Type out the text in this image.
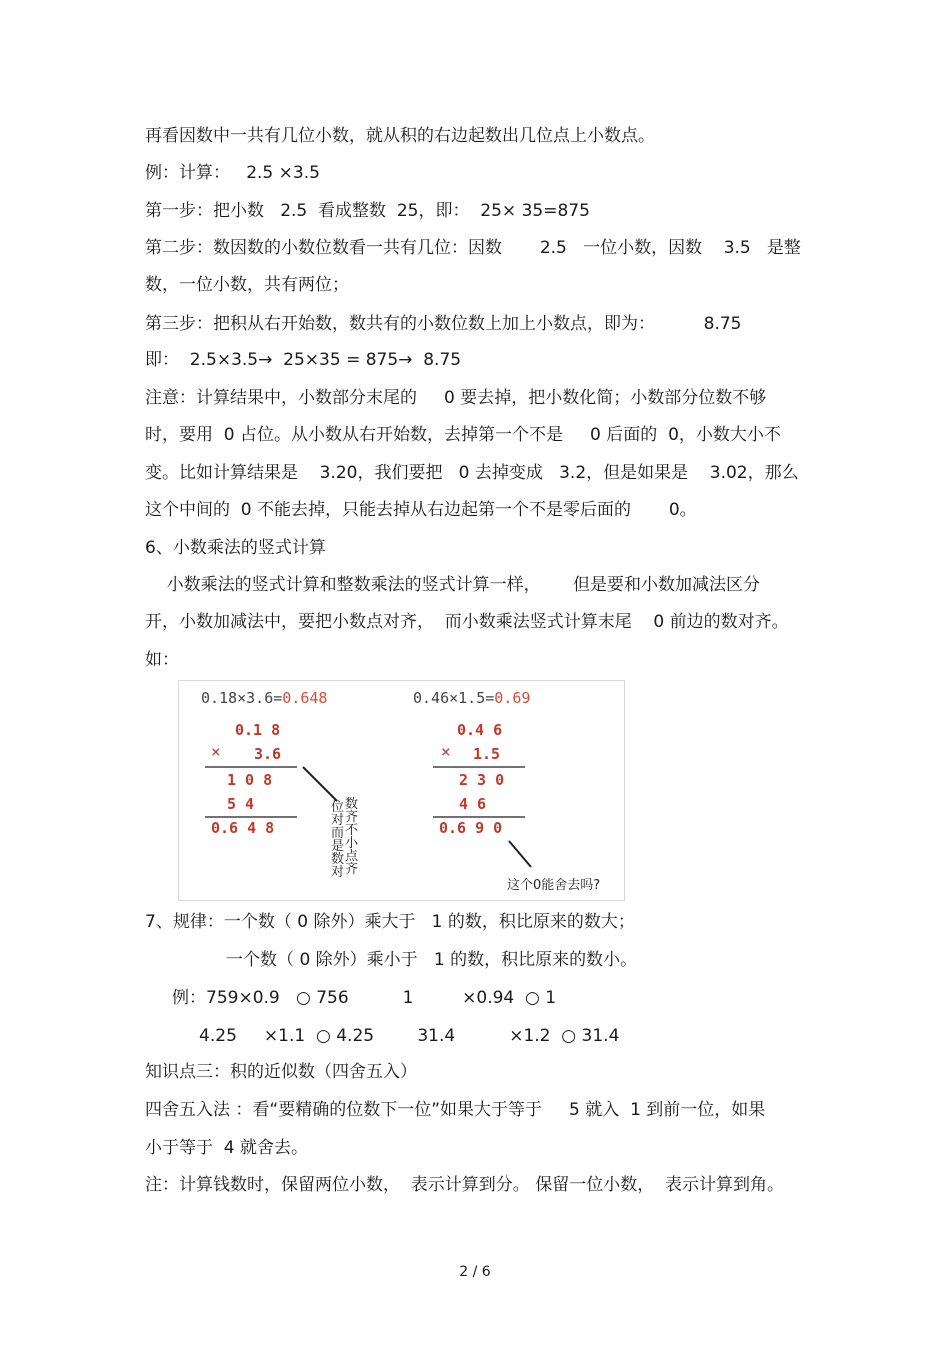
再看因数中一共有几位小数，就从积的右边起数出几位点上小数点。
例：计算：   2.5 ×3.5
第一步：把小数   2.5  看成整数  25，即：  25× 35=875
第二步：数因数的小数位数看一共有几位：因数       2.5   一位小数，因数    3.5   是整
数，一位小数，共有两位；
第三步：把积从右开始数，数共有的小数位数上加上小数点，即为：         8.75
即：  2.5×3.5→  25×35 = 875→  8.75
注意：计算结果中，小数部分末尾的     0 要去掉，把小数化简；小数部分位数不够
时，要用  0 占位。从小数从右开始数，去掉第一个不是     0 后面的  0，小数大小不
变。比如计算结果是    3.20，我们要把   0 去掉变成   3.2，但是如果是    3.02，那么
这个中间的  0 不能去掉，只能去掉从右边起第一个不是零后面的       0。
6、小数乘法的竖式计算
小数乘法的竖式计算和整数乘法的竖式计算一样，      但是要和小数加减法区分
开，小数加减法中，要把小数点对齐，  而小数乘法竖式计算末尾    0 前边的数对齐。
如：
0.18×3.6=0.648
0.1 8
× 3.6
1 0 8
5 4
0.6 4 8
位
对
而
是
数
对
数
齐
不
小
点
齐
0.46×1.5=0.69
0.4 6
× 1.5
2 3 0
4 6
0.6 9 0
这个0能舍去吗?
7、规律：一个数（ 0 除外）乘大于   1 的数，积比原来的数大；
一个数（ 0 除外）乘小于   1 的数，积比原来的数小。
例：759×0.9   ○ 756          1         ×0.94  ○ 1
4.25     ×1.1  ○ 4.25        31.4          ×1.2  ○ 31.4
知识点三：积的近似数（四舍五入）
四舍五入法 ：看“要精确的位数下一位”如果大于等于     5 就入  1 到前一位，如果
小于等于  4 就舍去。
注：计算钱数时，保留两位小数，  表示计算到分。 保留一位小数，  表示计算到角。
2 / 6
